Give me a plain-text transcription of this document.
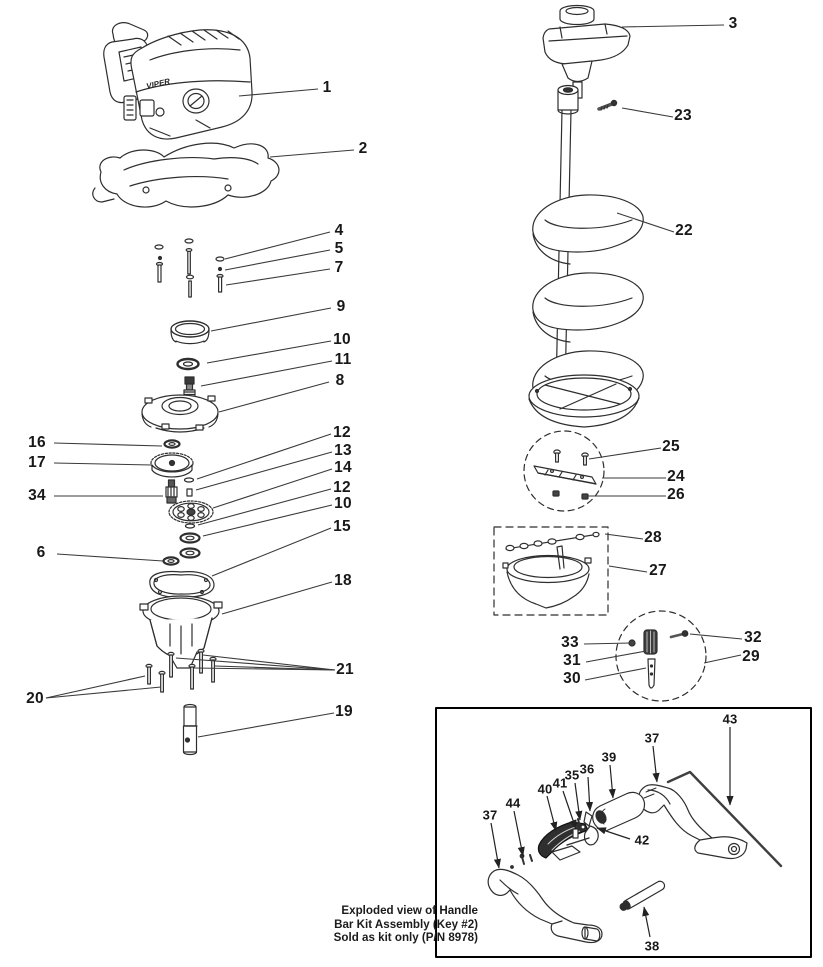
VIPER
Exploded view of Handle
Bar Kit Assembly (Key #2)
Sold as kit only (P/N 8978)
1
2
4
5
7
9
10
11
8
12
13
14
12
10
15
18
16
17
34
6
20
21
19
3
23
22
25
24
26
28
27
33
31
30
32
29
43
37
39
36
35
41
40
44
37
42
38
